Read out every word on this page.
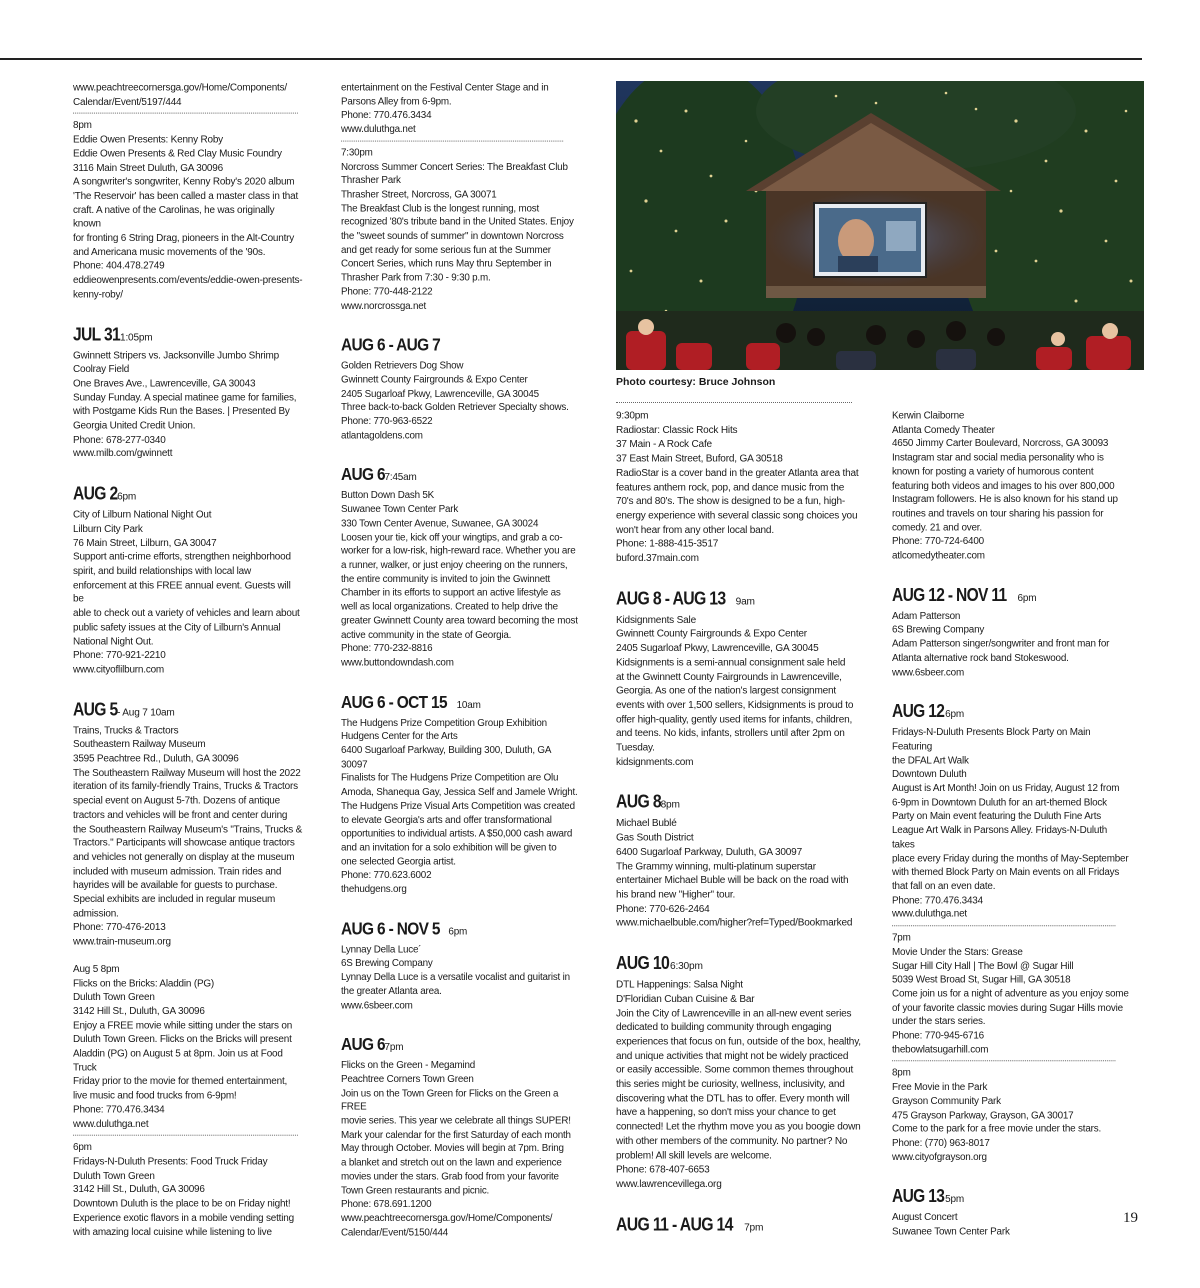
www.peachtreecornersga.gov/Home/Components/

Calendar/Event/5197/444

8pm

Eddie Owen Presents: Kenny Roby

Eddie Owen Presents & Red Clay Music Foundry

3116 Main Street Duluth, GA 30096

A songwriter's songwriter, Kenny Roby's 2020 album

'The Reservoir' has been called a master class in that

craft. A native of the Carolinas, he was originally known

for fronting 6 String Drag, pioneers in the Alt-Country

and Americana music movements of the '90s.

Phone: 404.478.2749

eddieowenpresents.com/events/eddie-owen-presents-

kenny-roby/

JUL 311:05pm

Gwinnett Stripers vs. Jacksonville Jumbo Shrimp

Coolray Field

One Braves Ave., Lawrenceville, GA 30043

Sunday Funday. A special matinee game for families,

with Postgame Kids Run the Bases. | Presented By

Georgia United Credit Union.

Phone: 678-277-0340

www.milb.com/gwinnett

AUG 26pm

City of Lilburn National Night Out

Lilburn City Park

76 Main Street, Lilburn, GA 30047

Support anti-crime efforts, strengthen neighborhood

spirit, and build relationships with local law

enforcement at this FREE annual event. Guests will be

able to check out a variety of vehicles and learn about

public safety issues at the City of Lilburn's Annual

National Night Out.

Phone: 770-921-2210

www.cityoflilburn.com

AUG 5- Aug 7 10am

Trains, Trucks & Tractors

Southeastern Railway Museum

3595 Peachtree Rd., Duluth, GA 30096

The Southeastern Railway Museum will host the 2022

iteration of its family-friendly Trains, Trucks & Tractors

special event on August 5-7th. Dozens of antique

tractors and vehicles will be front and center during

the Southeastern Railway Museum's "Trains, Trucks &

Tractors." Participants will showcase antique tractors

and vehicles not generally on display at the museum

included with museum admission. Train rides and

hayrides will be available for guests to purchase.

Special exhibits are included in regular museum

admission.

Phone: 770-476-2013

www.train-museum.org

Aug 5 8pm

Flicks on the Bricks: Aladdin (PG)

Duluth Town Green

3142 Hill St., Duluth, GA 30096

Enjoy a FREE movie while sitting under the stars on

Duluth Town Green. Flicks on the Bricks will present

Aladdin (PG) on August 5 at 8pm. Join us at Food Truck

Friday prior to the movie for themed entertainment,

live music and food trucks from 6-9pm!

Phone: 770.476.3434

www.duluthga.net

6pm

Fridays-N-Duluth Presents: Food Truck Friday

Duluth Town Green

3142 Hill St., Duluth, GA 30096

Downtown Duluth is the place to be on Friday night!

Experience exotic flavors in a mobile vending setting

with amazing local cuisine while listening to live

entertainment on the Festival Center Stage and in

Parsons Alley from 6-9pm.

Phone: 770.476.3434

www.duluthga.net

7:30pm

Norcross Summer Concert Series: The Breakfast Club

Thrasher Park

Thrasher Street, Norcross, GA 30071

The Breakfast Club is the longest running, most

recognized '80's tribute band in the United States. Enjoy

the "sweet sounds of summer" in downtown Norcross

and get ready for some serious fun at the Summer

Concert Series, which runs May thru September in

Thrasher Park from 7:30 - 9:30 p.m.

Phone: 770-448-2122

www.norcrossga.net

AUG 6 - AUG 7

Golden Retrievers Dog Show

Gwinnett County Fairgrounds & Expo Center

2405 Sugarloaf Pkwy, Lawrenceville, GA 30045

Three back-to-back Golden Retriever Specialty shows.

Phone: 770-963-6522

atlantagoldens.com

AUG 67:45am

Button Down Dash 5K

Suwanee Town Center Park

330 Town Center Avenue, Suwanee, GA 30024

Loosen your tie, kick off your wingtips, and grab a co-

worker for a low-risk, high-reward race. Whether you are

a runner, walker, or just enjoy cheering on the runners,

the entire community is invited to join the Gwinnett

Chamber in its efforts to support an active lifestyle as

well as local organizations. Created to help drive the

greater Gwinnett County area toward becoming the most

active community in the state of Georgia.

Phone: 770-232-8816

www.buttondowndash.com

AUG 6 - OCT 15 10am

The Hudgens Prize Competition Group Exhibition

Hudgens Center for the Arts

6400 Sugarloaf Parkway, Building 300, Duluth, GA

30097

Finalists for The Hudgens Prize Competition are Olu

Amoda, Shanequa Gay, Jessica Self and Jamele Wright.

The Hudgens Prize Visual Arts Competition was created

to elevate Georgia's arts and offer transformational

opportunities to individual artists. A $50,000 cash award

and an invitation for a solo exhibition will be given to

one selected Georgia artist.

Phone: 770.623.6002

thehudgens.org

AUG 6 - NOV 5 6pm

Lynnay Della Luce´

6S Brewing Company

Lynnay Della Luce is a versatile vocalist and guitarist in

the greater Atlanta area.

www.6sbeer.com

AUG 67pm

Flicks on the Green - Megamind

Peachtree Corners Town Green

Join us on the Town Green for Flicks on the Green a FREE

movie series. This year we celebrate all things SUPER!

Mark your calendar for the first Saturday of each month

May through October. Movies will begin at 7pm. Bring

a blanket and stretch out on the lawn and experience

movies under the stars. Grab food from your favorite

Town Green restaurants and picnic.

Phone: 678.691.1200

www.peachtreecornersga.gov/Home/Components/

Calendar/Event/5150/444

Photo courtesy: Bruce Johnson

9:30pm

Radiostar: Classic Rock Hits

37 Main - A Rock Cafe

37 East Main Street, Buford, GA 30518

RadioStar is a cover band in the greater Atlanta area that

features anthem rock, pop, and dance music from the

70's and 80's. The show is designed to be a fun, high-

energy experience with several classic song choices you

won't hear from any other local band.

Phone: 1-888-415-3517

buford.37main.com

AUG 8 - AUG 13 9am

Kidsignments Sale

Gwinnett County Fairgrounds & Expo Center

2405 Sugarloaf Pkwy, Lawrenceville, GA 30045

Kidsignments is a semi-annual consignment sale held

at the Gwinnett County Fairgrounds in Lawrenceville,

Georgia. As one of the nation's largest consignment

events with over 1,500 sellers, Kidsignments is proud to

offer high-quality, gently used items for infants, children,

and teens. No kids, infants, strollers until after 2pm on

Tuesday.

kidsignments.com

AUG 88pm

Michael Bublé

Gas South District

6400 Sugarloaf Parkway, Duluth, GA 30097

The Grammy winning, multi-platinum superstar

entertainer Michael Buble will be back on the road with

his brand new "Higher" tour.

Phone: 770-626-2464

www.michaelbuble.com/higher?ref=Typed/Bookmarked

AUG 106:30pm

DTL Happenings: Salsa Night

D'Floridian Cuban Cuisine & Bar

Join the City of Lawrenceville in an all-new event series

dedicated to building community through engaging

experiences that focus on fun, outside of the box, healthy,

and unique activities that might not be widely practiced

or easily accessible. Some common themes throughout

this series might be curiosity, wellness, inclusivity, and

discovering what the DTL has to offer. Every month will

have a happening, so don't miss your chance to get

connected! Let the rhythm move you as you boogie down

with other members of the community. No partner? No

problem! All skill levels are welcome.

Phone: 678-407-6653

www.lawrencevillega.org

AUG 11 - AUG 14 7pm

Kerwin Claiborne

Atlanta Comedy Theater

4650 Jimmy Carter Boulevard, Norcross, GA 30093

Instagram star and social media personality who is

known for posting a variety of humorous content

featuring both videos and images to his over 800,000

Instagram followers. He is also known for his stand up

routines and travels on tour sharing his passion for

comedy. 21 and over.

Phone: 770-724-6400

atlcomedytheater.com

AUG 12 - NOV 11 6pm

Adam Patterson

6S Brewing Company

Adam Patterson singer/songwriter and front man for

Atlanta alternative rock band Stokeswood.

www.6sbeer.com

AUG 126pm

Fridays-N-Duluth Presents Block Party on Main Featuring

the DFAL Art Walk

Downtown Duluth

August is Art Month! Join on us Friday, August 12 from

6-9pm in Downtown Duluth for an art-themed Block

Party on Main event featuring the Duluth Fine Arts

League Art Walk in Parsons Alley. Fridays-N-Duluth takes

place every Friday during the months of May-September

with themed Block Party on Main events on all Fridays

that fall on an even date.

Phone: 770.476.3434

www.duluthga.net

7pm

Movie Under the Stars: Grease

Sugar Hill City Hall | The Bowl @ Sugar Hill

5039 West Broad St, Sugar Hill, GA 30518

Come join us for a night of adventure as you enjoy some

of your favorite classic movies during Sugar Hills movie

under the stars series.

Phone: 770-945-6716

thebowlatsugarhill.com

8pm

Free Movie in the Park

Grayson Community Park

475 Grayson Parkway, Grayson, GA 30017

Come to the park for a free movie under the stars.

Phone: (770) 963-8017

www.cityofgrayson.org

AUG 135pm

August Concert

Suwanee Town Center Park

19
